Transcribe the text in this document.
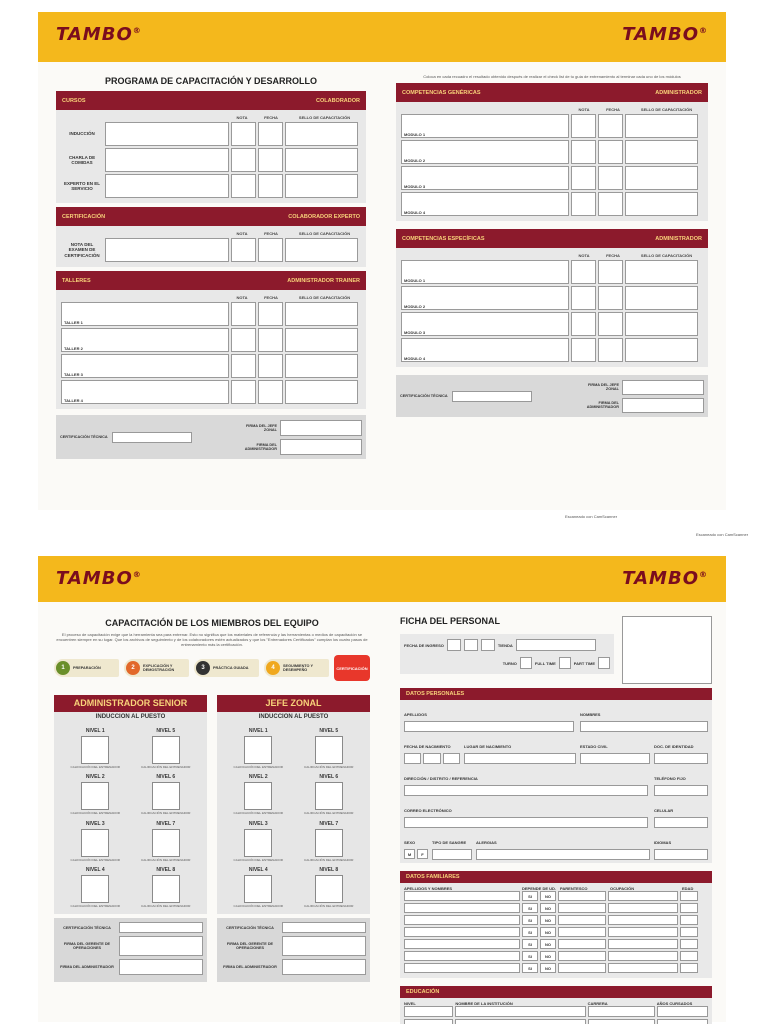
TAMBO®	TAMBO®
PROGRAMA DE CAPACITACIÓN Y DESARROLLO
CURSOS	COLABORADOR
NOTA	FECHA	SELLO DE CAPACITACIÓN
INDUCCIÓN
CHARLA DE COMIDAS
EXPERTO EN EL SERVICIO
CERTIFICACIÓN	COLABORADOR EXPERTO
NOTA	FECHA	SELLO DE CAPACITACIÓN
NOTA DEL EXAMEN DE CERTIFICACIÓN
TALLERES	ADMINISTRADOR TRAINER
NOTA	FECHA	SELLO DE CAPACITACIÓN
TALLER 1
TALLER 2
TALLER 3
TALLER 4
CERTIFICACIÓN TÉCNICA
FIRMA DEL JEFE ZONAL
FIRMA DEL ADMINISTRADOR
Coloca en cada recuadro el resultado obtenido después de realizar el check list de tu guía de entrenamiento al terminar cada uno de los módulos
COMPETENCIAS GENÉRICAS	ADMINISTRADOR
NOTA	FECHA	SELLO DE CAPACITACIÓN
MODULO 1
MODULO 2
MODULO 3
MODULO 4
COMPETENCIAS ESPECÍFICAS	ADMINISTRADOR
NOTA	FECHA	SELLO DE CAPACITACIÓN
MODULO 1
MODULO 2
MODULO 3
MODULO 4
CERTIFICACIÓN TÉCNICA
FIRMA DEL JEFE ZONAL
FIRMA DEL ADMINISTRADOR
Escaneado con CamScanner
Escaneado con CamScanner
TAMBO®	TAMBO®
CAPACITACIÓN DE LOS MIEMBROS DEL EQUIPO
El proceso de capacitación exige que la herramienta sea para entrenar. Esto no significa que los materiales de referencia y las herramientas o medios de capacitación se encuentren siempre en su lugar. Que los archivos de seguimiento y de los colaboradores estén actualizados y que los "Entrenadores Certificados" cumplan los cuatro pasos de entrenamiento más la certificación.
1	PREPARACIÓN	2	EXPLICACIÓN Y DEMOSTRACIÓN	3	PRÁCTICA GUIADA	4	SEGUIMIENTO Y DESEMPEÑO	CERTIFICACIÓN
ADMINISTRADOR SENIOR
INDUCCION AL PUESTO
NIVEL 1
CALIFICACIÓN DEL ENTRENADOR
NIVEL 5
CALIFICACIÓN DEL ENTRENADOR
NIVEL 2
CALIFICACIÓN DEL ENTRENADOR
NIVEL 6
CALIFICACIÓN DEL ENTRENADOR
NIVEL 3
CALIFICACIÓN DEL ENTRENADOR
NIVEL 7
CALIFICACIÓN DEL ENTRENADOR
NIVEL 4
CALIFICACIÓN DEL ENTRENADOR
NIVEL 8
CALIFICACIÓN DEL ENTRENADOR
CERTIFICACIÓN TÉCNICA
FIRMA DEL GERENTE DE OPERACIONES
FIRMA DEL ADMINISTRADOR
JEFE ZONAL
INDUCCION AL PUESTO
NIVEL 1
CALIFICACIÓN DEL ENTRENADOR
NIVEL 5
CALIFICACIÓN DEL ENTRENADOR
NIVEL 2
CALIFICACIÓN DEL ENTRENADOR
NIVEL 6
CALIFICACIÓN DEL ENTRENADOR
NIVEL 3
CALIFICACIÓN DEL ENTRENADOR
NIVEL 7
CALIFICACIÓN DEL ENTRENADOR
NIVEL 4
CALIFICACIÓN DEL ENTRENADOR
NIVEL 8
CALIFICACIÓN DEL ENTRENADOR
CERTIFICACIÓN TÉCNICA
FIRMA DEL GERENTE DE OPERACIONES
FIRMA DEL ADMINISTRADOR
FICHA DEL PERSONAL
FECHA DE INGRESO	TIENDA
TURNO	FULL TIME	PART TIME
DATOS PERSONALES
APELLIDOS	NOMBRES
FECHA DE NACIMIENTO	LUGAR DE NACIMIENTO	ESTADO CIVIL	DOC. DE IDENTIDAD
DIRECCIÓN / DISTRITO / REFERENCIA	TELÉFONO FIJO
CORREO ELECTRÓNICO	CELULAR
SEXO
M	F
TIPO DE SANGRE	ALERGIAS	IDIOMAS
DATOS FAMILIARES
APELLIDOS Y NOMBRES	DEPENDE DE UD. PARENTESCO	OCUPACIÓN	EDAD
SI	NO
SI	NO
SI	NO
SI	NO
SI	NO
SI	NO
SI	NO
EDUCACIÓN
NIVEL	NOMBRE DE LA INSTITUCIÓN	CARRERA	AÑOS CURSADOS
